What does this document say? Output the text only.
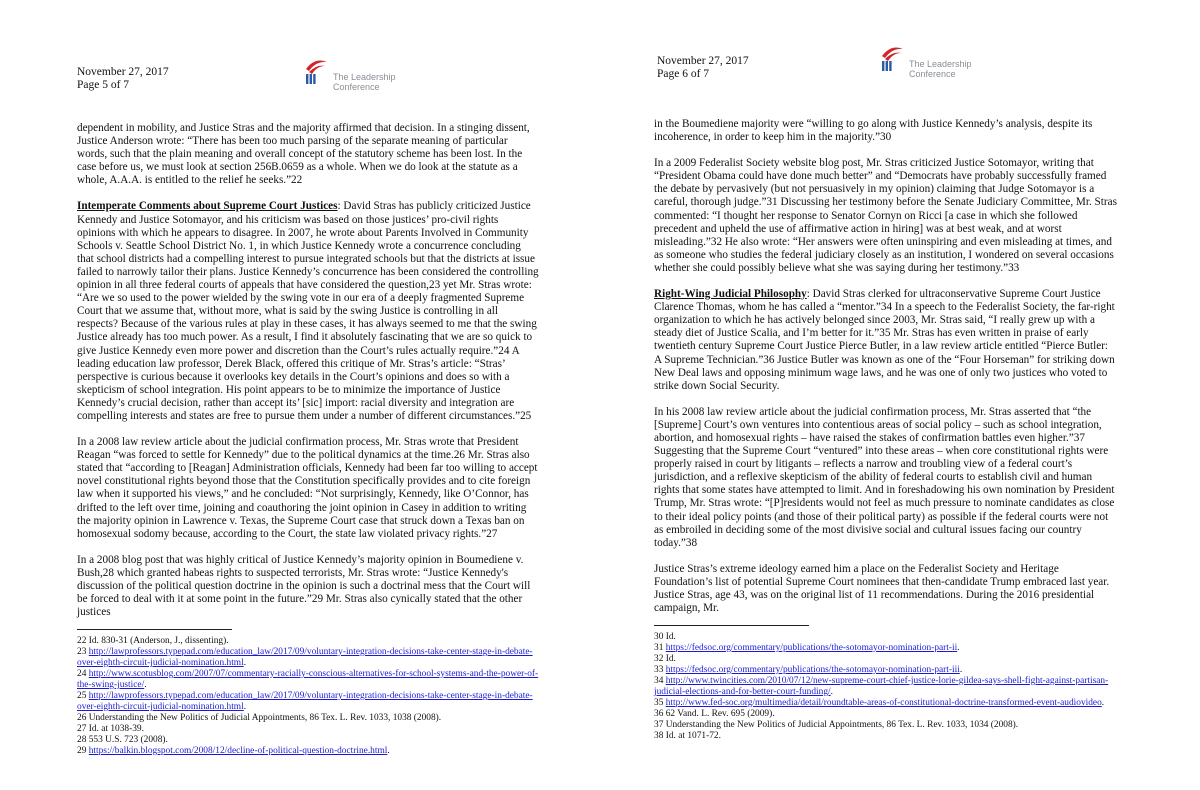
November 27, 2017
Page 5 of 7
The Leadership
Conference

dependent in mobility, and Justice Stras and the majority affirmed that decision. In a stinging dissent, Justice Anderson wrote: “There has been too much parsing of the separate meaning of particular words, such that the plain meaning and overall concept of the statutory scheme has been lost. In the case before us, we must look at section 256B.0659 as a whole. When we do look at the statute as a whole, A.A.A. is entitled to the relief he seeks.”22

Intemperate Comments about Supreme Court Justices: David Stras has publicly criticized Justice Kennedy and Justice Sotomayor, and his criticism was based on those justices’ pro-civil rights opinions with which he appears to disagree. In 2007, he wrote about Parents Involved in Community Schools v. Seattle School District No. 1, in which Justice Kennedy wrote a concurrence concluding that school districts had a compelling interest to pursue integrated schools but that the districts at issue failed to narrowly tailor their plans. Justice Kennedy’s concurrence has been considered the controlling opinion in all three federal courts of appeals that have considered the question,23 yet Mr. Stras wrote: “Are we so used to the power wielded by the swing vote in our era of a deeply fragmented Supreme Court that we assume that, without more, what is said by the swing Justice is controlling in all respects? Because of the various rules at play in these cases, it has always seemed to me that the swing Justice already has too much power. As a result, I find it absolutely fascinating that we are so quick to give Justice Kennedy even more power and discretion than the Court’s rules actually require.”24 A leading education law professor, Derek Black, offered this critique of Mr. Stras’s article: “Stras’ perspective is curious because it overlooks key details in the Court’s opinions and does so with a skepticism of school integration. His point appears to be to minimize the importance of Justice Kennedy’s crucial decision, rather than accept its’ [sic] import: racial diversity and integration are compelling interests and states are free to pursue them under a number of different circumstances.”25

In a 2008 law review article about the judicial confirmation process, Mr. Stras wrote that President Reagan “was forced to settle for Kennedy” due to the political dynamics at the time.26 Mr. Stras also stated that “according to [Reagan] Administration officials, Kennedy had been far too willing to accept novel constitutional rights beyond those that the Constitution specifically provides and to cite foreign law when it supported his views,” and he concluded: “Not surprisingly, Kennedy, like O’Connor, has drifted to the left over time, joining and coauthoring the joint opinion in Casey in addition to writing the majority opinion in Lawrence v. Texas, the Supreme Court case that struck down a Texas ban on homosexual sodomy because, according to the Court, the state law violated privacy rights.”27

In a 2008 blog post that was highly critical of Justice Kennedy’s majority opinion in Boumediene v. Bush,28 which granted habeas rights to suspected terrorists, Mr. Stras wrote: “Justice Kennedy's discussion of the political question doctrine in the opinion is such a doctrinal mess that the Court will be forced to deal with it at some point in the future.”29 Mr. Stras also cynically stated that the other justices

22 Id. 830-31 (Anderson, J., dissenting).

23 http://lawprofessors.typepad.com/education_law/2017/09/voluntary-integration-decisions-take-center-stage-in-debate-over-eighth-circuit-judicial-nomination.html.

24 http://www.scotusblog.com/2007/07/commentary-racially-conscious-alternatives-for-school-systems-and-the-power-of-the-swing-justice/.

25 http://lawprofessors.typepad.com/education_law/2017/09/voluntary-integration-decisions-take-center-stage-in-debate-over-eighth-circuit-judicial-nomination.html.

26 Understanding the New Politics of Judicial Appointments, 86 Tex. L. Rev. 1033, 1038 (2008).

27 Id. at 1038-39.

28 553 U.S. 723 (2008).

29 https://balkin.blogspot.com/2008/12/decline-of-political-question-doctrine.html.

November 27, 2017
Page 6 of 7
The Leadership
Conference

in the Boumediene majority were “willing to go along with Justice Kennedy’s analysis, despite its incoherence, in order to keep him in the majority.”30

In a 2009 Federalist Society website blog post, Mr. Stras criticized Justice Sotomayor, writing that “President Obama could have done much better” and “Democrats have probably successfully framed the debate by pervasively (but not persuasively in my opinion) claiming that Judge Sotomayor is a careful, thorough judge.”31 Discussing her testimony before the Senate Judiciary Committee, Mr. Stras commented: “I thought her response to Senator Cornyn on Ricci [a case in which she followed precedent and upheld the use of affirmative action in hiring] was at best weak, and at worst misleading.”32 He also wrote: “Her answers were often uninspiring and even misleading at times, and as someone who studies the federal judiciary closely as an institution, I wondered on several occasions whether she could possibly believe what she was saying during her testimony.”33

Right-Wing Judicial Philosophy: David Stras clerked for ultraconservative Supreme Court Justice Clarence Thomas, whom he has called a “mentor.”34 In a speech to the Federalist Society, the far-right organization to which he has actively belonged since 2003, Mr. Stras said, “I really grew up with a steady diet of Justice Scalia, and I’m better for it.”35 Mr. Stras has even written in praise of early twentieth century Supreme Court Justice Pierce Butler, in a law review article entitled “Pierce Butler: A Supreme Technician.”36 Justice Butler was known as one of the “Four Horseman” for striking down New Deal laws and opposing minimum wage laws, and he was one of only two justices who voted to strike down Social Security.

In his 2008 law review article about the judicial confirmation process, Mr. Stras asserted that “the [Supreme] Court’s own ventures into contentious areas of social policy – such as school integration, abortion, and homosexual rights – have raised the stakes of confirmation battles even higher.”37 Suggesting that the Supreme Court “ventured” into these areas – when core constitutional rights were properly raised in court by litigants – reflects a narrow and troubling view of a federal court’s jurisdiction, and a reflexive skepticism of the ability of federal courts to establish civil and human rights that some states have attempted to limit. And in foreshadowing his own nomination by President Trump, Mr. Stras wrote: “[P]residents would not feel as much pressure to nominate candidates as close to their ideal policy points (and those of their political party) as possible if the federal courts were not as embroiled in deciding some of the most divisive social and cultural issues facing our country today.”38

Justice Stras’s extreme ideology earned him a place on the Federalist Society and Heritage Foundation’s list of potential Supreme Court nominees that then-candidate Trump embraced last year. Justice Stras, age 43, was on the original list of 11 recommendations. During the 2016 presidential campaign, Mr.

30 Id.

31 https://fedsoc.org/commentary/publications/the-sotomayor-nomination-part-ii.

32 Id.

33 https://fedsoc.org/commentary/publications/the-sotomayor-nomination-part-iii.

34 http://www.twincities.com/2010/07/12/new-supreme-court-chief-justice-lorie-gildea-says-shell-fight-against-partisan-judicial-elections-and-for-better-court-funding/.

35 http://www.fed-soc.org/multimedia/detail/roundtable-areas-of-constitutional-doctrine-transformed-event-audiovideo.

36 62 Vand. L. Rev. 695 (2009).

37 Understanding the New Politics of Judicial Appointments, 86 Tex. L. Rev. 1033, 1034 (2008).

38 Id. at 1071-72.
